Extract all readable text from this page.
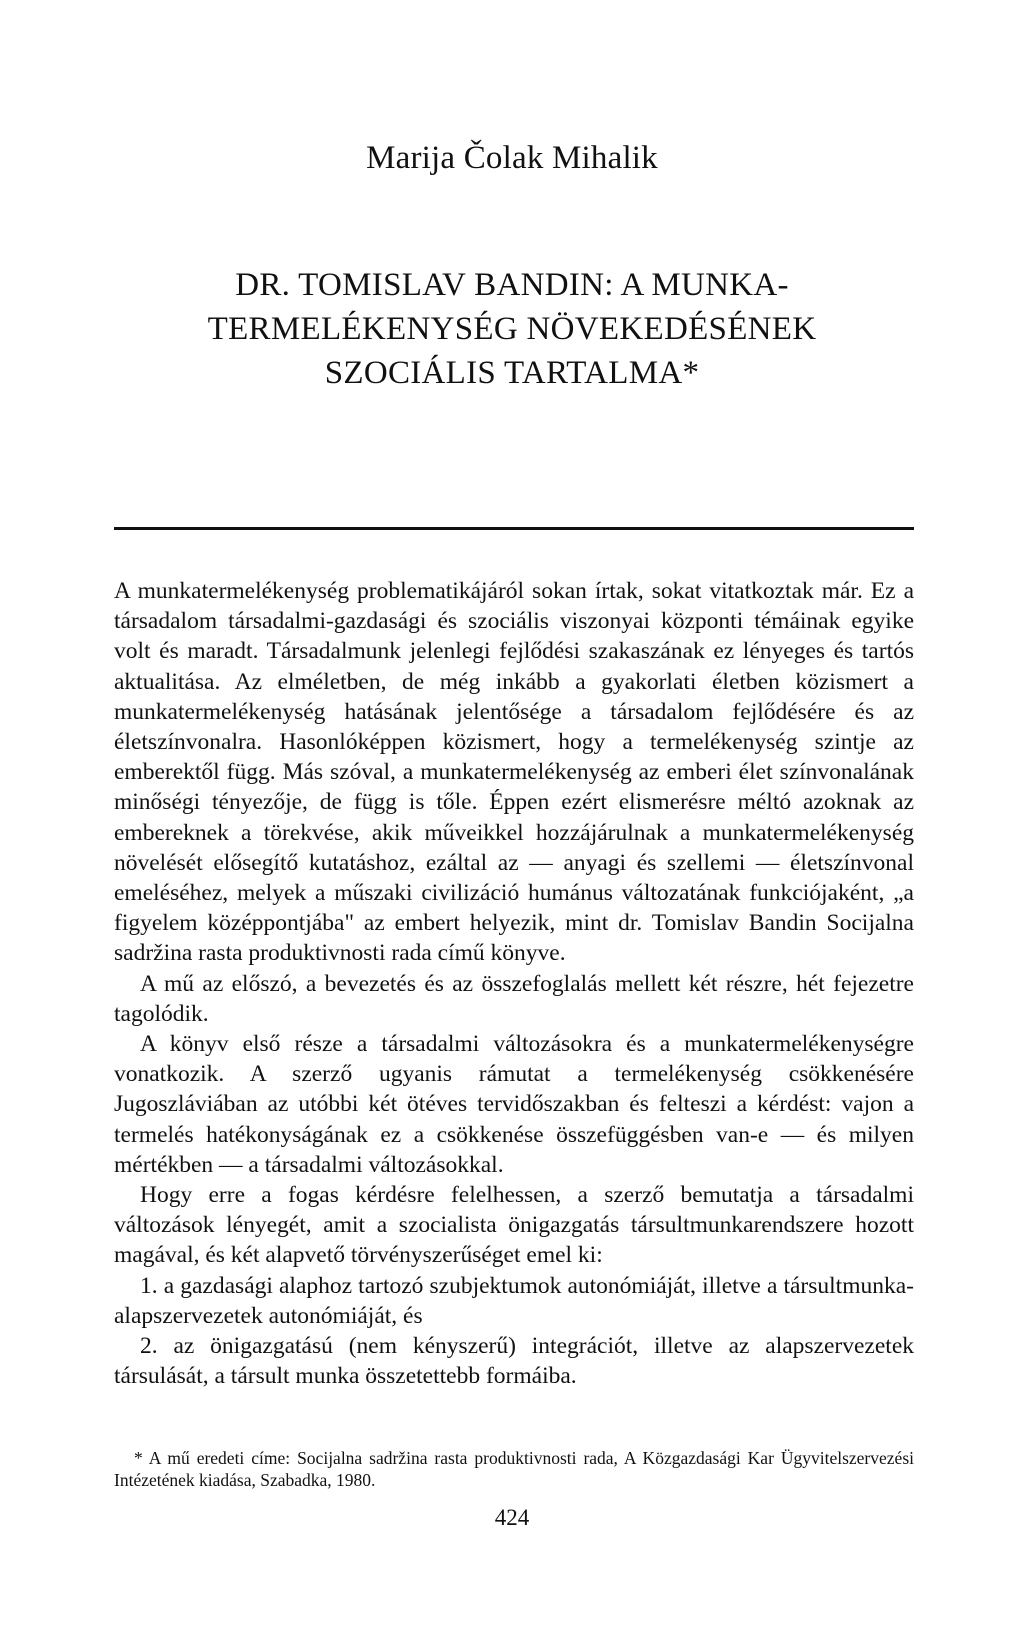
Marija Čolak Mihalik
DR. TOMISLAV BANDIN: A MUNKA-
TERMELÉKENYSÉG NÖVEKEDÉSÉNEK
SZOCIÁLIS TARTALMA*

A munkatermelékenység problematikájáról sokan írtak, sokat vitatkoztak már. Ez a társadalom társadalmi-gazdasági és szociális viszonyai központi témáinak egyike volt és maradt. Társadalmunk jelenlegi fejlődési szakaszának ez lényeges és tartós aktualitása. Az elméletben, de még inkább a gyakorlati életben közismert a munkatermelékenység hatásának jelentősége a társadalom fejlődésére és az életszínvonalra. Hasonlóképpen közismert, hogy a termelékenység szintje az emberektől függ. Más szóval, a munkatermelékenység az emberi élet színvonalának minőségi tényezője, de függ is tőle. Éppen ezért elismerésre méltó azoknak az embereknek a törekvése, akik műveikkel hozzájárulnak a munkatermelékenység növelését elősegítő kutatáshoz, ezáltal az — anyagi és szellemi — életszínvonal emeléséhez, melyek a műszaki civilizáció humánus változatának funkciójaként, „a figyelem középpontjába" az embert helyezik, mint dr. Tomislav Bandin Socijalna sadržina rasta produktivnosti rada című könyve.

A mű az előszó, a bevezetés és az összefoglalás mellett két részre, hét fejezetre tagolódik.

A könyv első része a társadalmi változásokra és a munkatermelékenységre vonatkozik. A szerző ugyanis rámutat a termelékenység csökkenésére Jugoszláviában az utóbbi két ötéves tervidőszakban és felteszi a kérdést: vajon a termelés hatékonyságának ez a csökkenése összefüggésben van-e — és milyen mértékben — a társadalmi változásokkal.

Hogy erre a fogas kérdésre felelhessen, a szerző bemutatja a társadalmi változások lényegét, amit a szocialista önigazgatás társultmunkarendszere hozott magával, és két alapvető törvényszerűséget emel ki:

1. a gazdasági alaphoz tartozó szubjektumok autonómiáját, illetve a társultmunka-alapszervezetek autonómiáját, és

2. az önigazgatású (nem kényszerű) integrációt, illetve az alapszervezetek társulását, a társult munka összetettebb formáiba.

* A mű eredeti címe: Socijalna sadržina rasta produktivnosti rada, A Közgazdasági Kar Ügyvitelszervezési Intézetének kiadása, Szabadka, 1980.
424
